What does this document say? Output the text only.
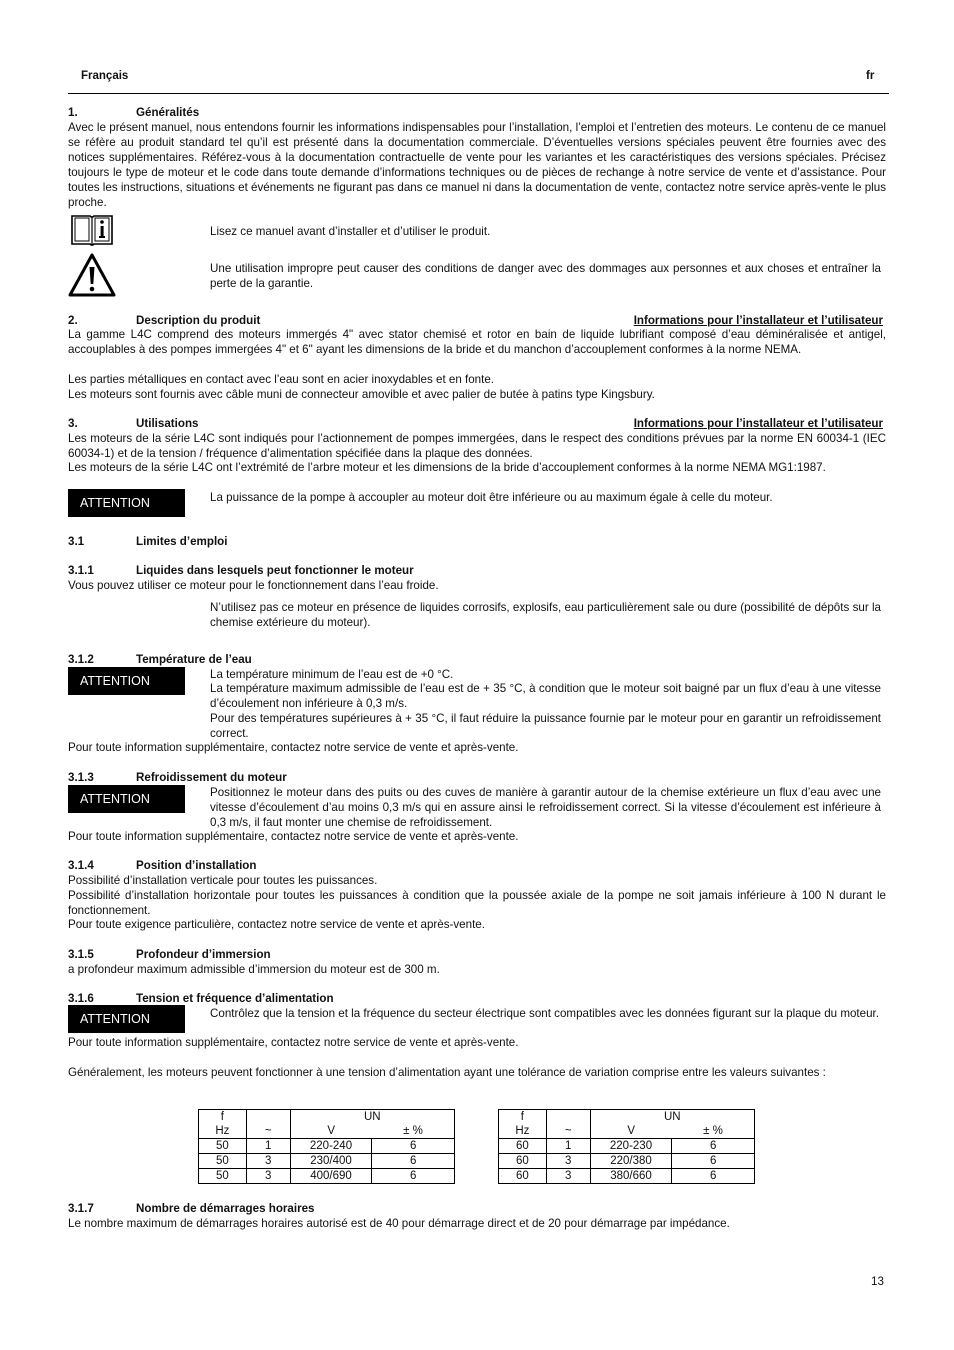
Français	fr
1.	Généralités
Avec le présent manuel, nous entendons fournir les informations indispensables pour l’installation, l’emploi et l’entretien des moteurs. Le contenu de ce manuel se réfère au produit standard tel qu’il est présenté dans la documentation commerciale. D’éventuelles versions spéciales peuvent être fournies avec des notices supplémentaires. Référez-vous à la documentation contractuelle de vente pour les variantes et les caractéristiques des versions spéciales. Précisez toujours le type de moteur et le code dans toute demande d’informations techniques ou de pièces de rechange à notre service de vente et d’assistance. Pour toutes les instructions, situations et événements ne figurant pas dans ce manuel ni dans la documentation de vente, contactez notre service après-vente le plus proche.
Lisez ce manuel avant d’installer et d’utiliser le produit.
Une utilisation impropre peut causer des conditions de danger avec des dommages aux personnes et aux choses et entraîner la perte de la garantie.
2.	Description du produit	Informations pour l’installateur et l’utilisateur
La gamme L4C comprend des moteurs immergés 4" avec stator chemisé et rotor en bain de liquide lubrifiant composé d’eau déminéralisée et antigel, accouplables à des pompes immergées 4" et 6" ayant les dimensions de la bride et du manchon d’accouplement conformes à la norme NEMA.
Les parties métalliques en contact avec l’eau sont en acier inoxydables et en fonte.
Les moteurs sont fournis avec câble muni de connecteur amovible et avec palier de butée à patins type Kingsbury.
3.	Utilisations	Informations pour l’installateur et l’utilisateur
Les moteurs de la série L4C sont indiqués pour l’actionnement de pompes immergées, dans le respect des conditions prévues par la norme EN 60034-1 (IEC 60034-1) et de la tension / fréquence d’alimentation spécifiée dans la plaque des données.
Les moteurs de la série L4C ont l’extrémité de l’arbre moteur et les dimensions de la bride d’accouplement conformes à la norme NEMA MG1:1987.
ATTENTION	La puissance de la pompe à accoupler au moteur doit être inférieure ou au maximum égale à celle du moteur.
3.1	Limites d’emploi
3.1.1	Liquides dans lesquels peut fonctionner le moteur
Vous pouvez utiliser ce moteur pour le fonctionnement dans l’eau froide.
N’utilisez pas ce moteur en présence de liquides corrosifs, explosifs, eau particulièrement sale ou dure (possibilité de dépôts sur la chemise extérieure du moteur).
3.1.2	Température de l’eau
ATTENTION	La température minimum de l’eau est de +0 °C.
La température maximum admissible de l’eau est de + 35 °C, à condition que le moteur soit baigné par un flux d’eau à une vitesse d’écoulement non inférieure à 0,3 m/s.
Pour des températures supérieures à + 35 °C, il faut réduire la puissance fournie par le moteur pour en garantir un refroidissement correct.
Pour toute information supplémentaire, contactez notre service de vente et après-vente.
3.1.3	Refroidissement du moteur
ATTENTION	Positionnez le moteur dans des puits ou des cuves de manière à garantir autour de la chemise extérieure un flux d’eau avec une vitesse d’écoulement d’au moins 0,3 m/s qui en assure ainsi le refroidissement correct. Si la vitesse d’écoulement est inférieure à 0,3 m/s, il faut monter une chemise de refroidissement.
Pour toute information supplémentaire, contactez notre service de vente et après-vente.
3.1.4	Position d’installation
Possibilité d’installation verticale pour toutes les puissances.
Possibilité d’installation horizontale pour toutes les puissances à condition que la poussée axiale de la pompe ne soit jamais inférieure à 100 N durant le fonctionnement.
Pour toute exigence particulière, contactez notre service de vente et après-vente.
3.1.5	Profondeur d’immersion
a profondeur maximum admissible d’immersion du moteur est de 300 m.
3.1.6	Tension et fréquence d’alimentation
ATTENTION	Contrôlez que la tension et la fréquence du secteur électrique sont compatibles avec les données figurant sur la plaque du moteur.
Pour toute information supplémentaire, contactez notre service de vente et après-vente.
Généralement, les moteurs peuvent fonctionner à une tension d’alimentation ayant une tolérance de variation comprise entre les valeurs suivantes :
f		UN	
Hz	~	V	± %
50	1	220-240	6
50	3	230/400	6
50	3	400/690	6
f		UN	
Hz	~	V	± %
60	1	220-230	6
60	3	220/380	6
60	3	380/660	6
3.1.7	Nombre de démarrages horaires
Le nombre maximum de démarrages horaires autorisé est de 40 pour démarrage direct et de 20 pour démarrage par impédance.
13
